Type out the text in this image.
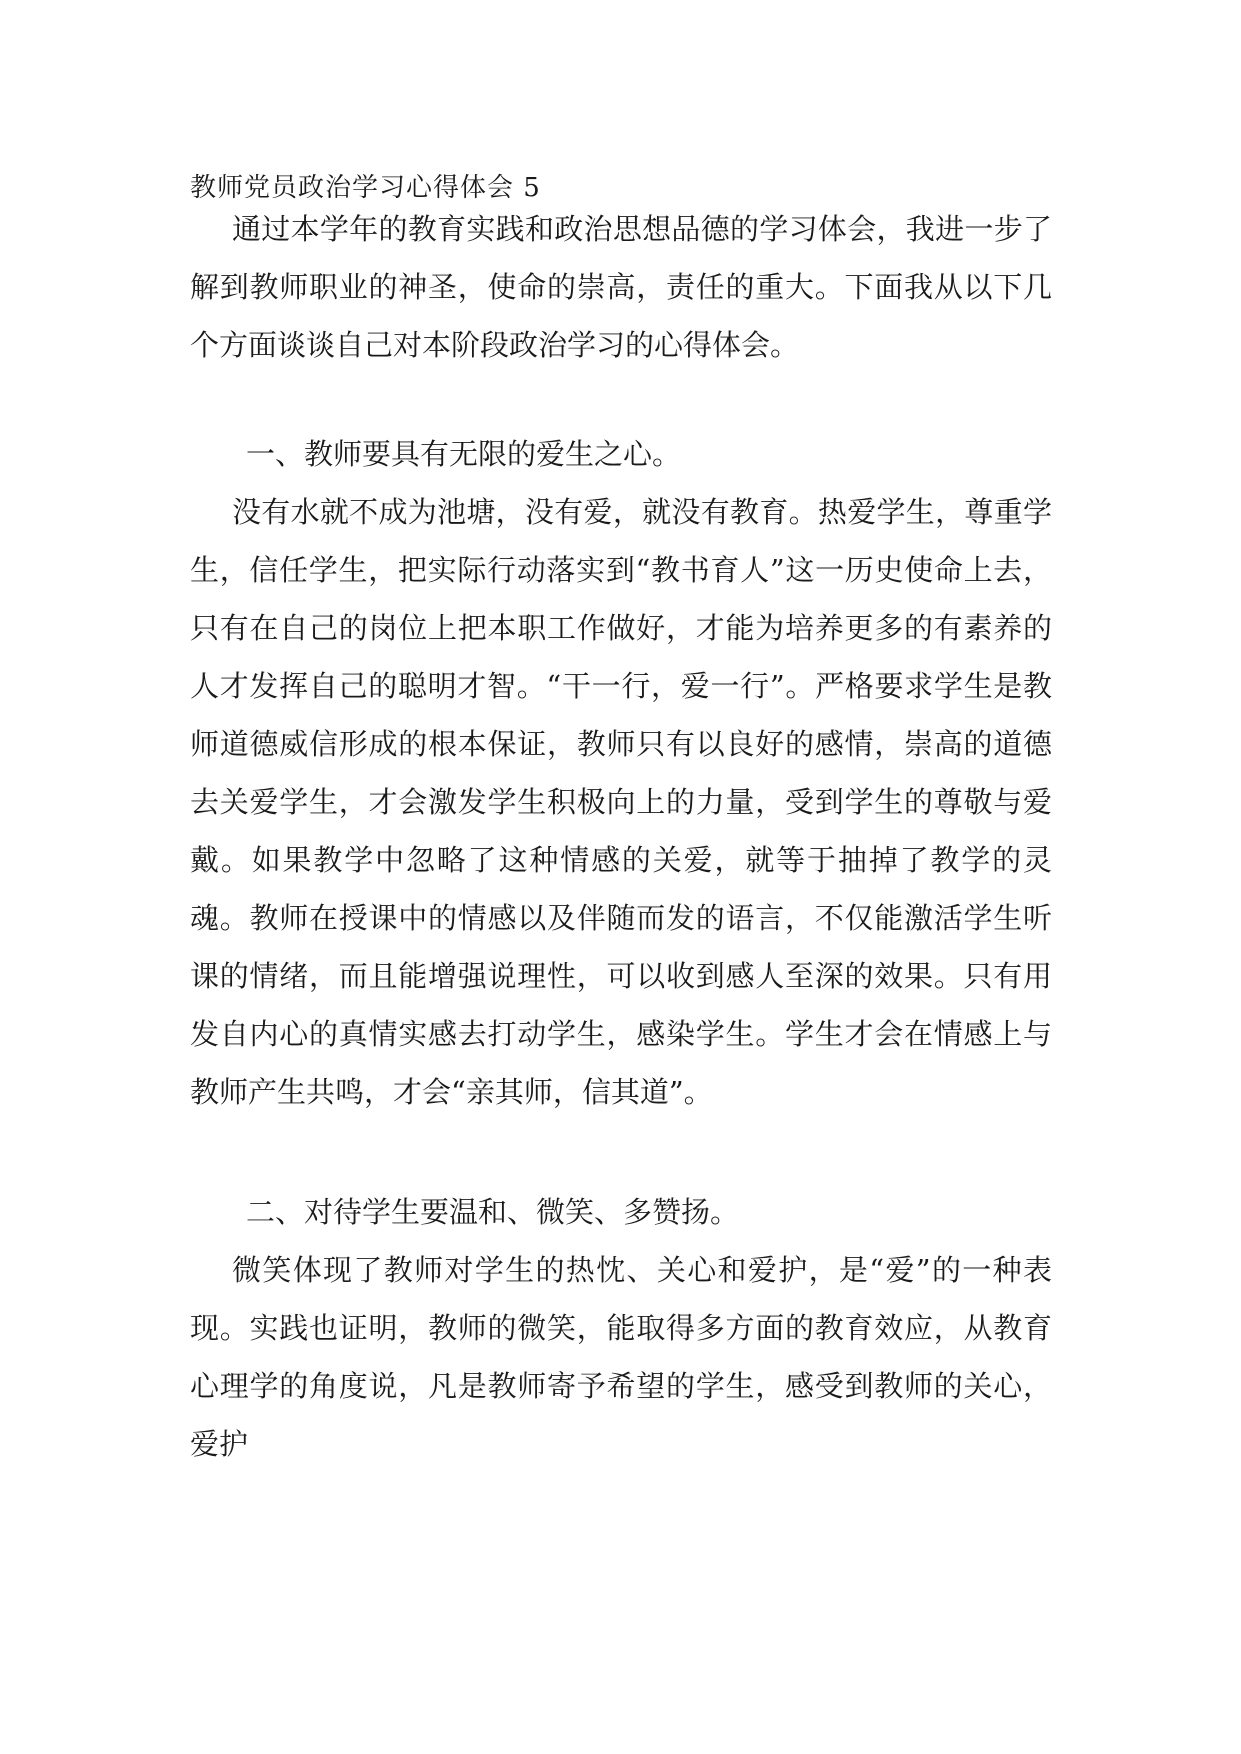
教师党员政治学习心得体会 5

通过本学年的教育实践和政治思想品德的学习体会，我进一步了解到教师职业的神圣，使命的崇高，责任的重大。下面我从以下几个方面谈谈自己对本阶段政治学习的心得体会。

一、教师要具有无限的爱生之心。

没有水就不成为池塘，没有爱，就没有教育。热爱学生，尊重学生，信任学生，把实际行动落实到“教书育人”这一历史使命上去，只有在自己的岗位上把本职工作做好，才能为培养更多的有素养的人才发挥自己的聪明才智。“干一行，爱一行”。严格要求学生是教师道德威信形成的根本保证，教师只有以良好的感情，崇高的道德去关爱学生，才会激发学生积极向上的力量，受到学生的尊敬与爱戴。如果教学中忽略了这种情感的关爱，就等于抽掉了教学的灵魂。教师在授课中的情感以及伴随而发的语言，不仅能激活学生听课的情绪，而且能增强说理性，可以收到感人至深的效果。只有用发自内心的真情实感去打动学生，感染学生。学生才会在情感上与教师产生共鸣，才会“亲其师，信其道”。

二、对待学生要温和、微笑、多赞扬。

微笑体现了教师对学生的热忱、关心和爱护，是“爱”的一种表现。实践也证明，教师的微笑，能取得多方面的教育效应，从教育心理学的角度说，凡是教师寄予希望的学生，感受到教师的关心，爱护
